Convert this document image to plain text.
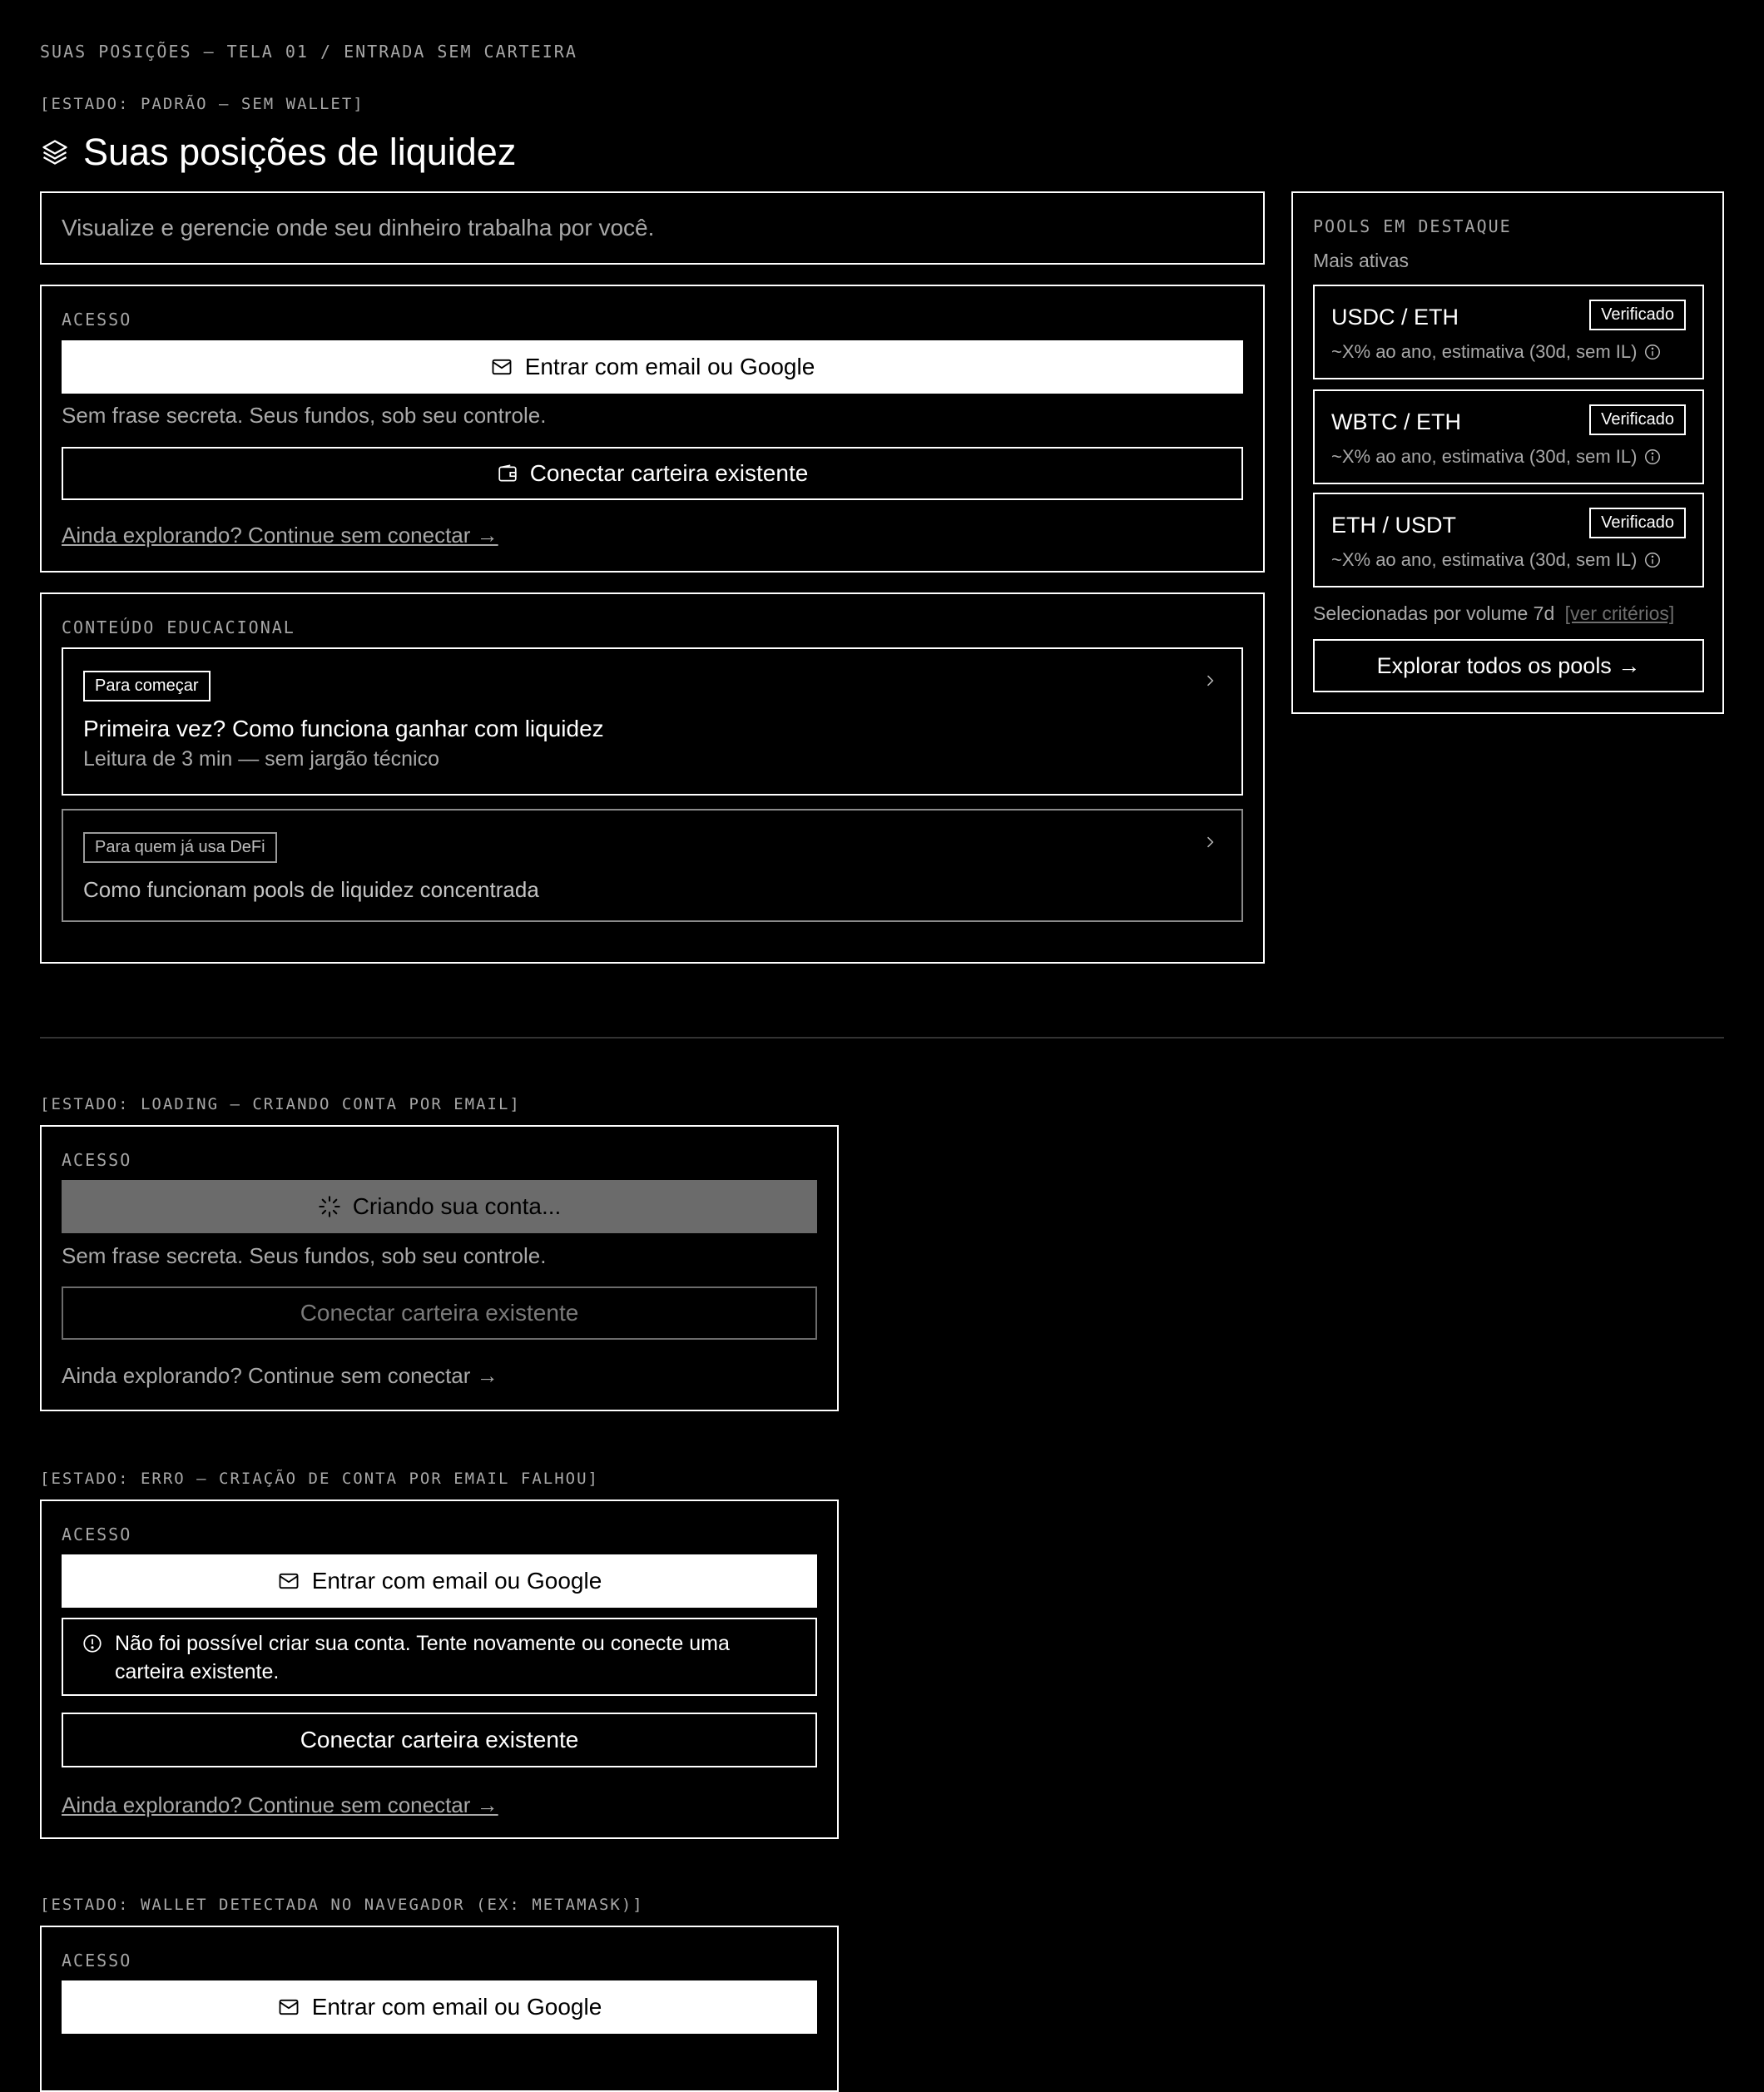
SUAS POSIÇÕES — TELA 01 / ENTRADA SEM CARTEIRA
[ESTADO: PADRÃO — SEM WALLET]
Suas posições de liquidez
Visualize e gerencie onde seu dinheiro trabalha por você.
ACESSO
Entrar com email ou Google
Sem frase secreta. Seus fundos, sob seu controle.
Conectar carteira existente
Ainda explorando? Continue sem conectar →
CONTEÚDO EDUCACIONAL
Para começar
Primeira vez? Como funciona ganhar com liquidez
Leitura de 3 min — sem jargão técnico
Para quem já usa DeFi
Como funcionam pools de liquidez concentrada
POOLS EM DESTAQUE
Mais ativas
USDC / ETH	Verificado
~X% ao ano, estimativa (30d, sem IL)
WBTC / ETH	Verificado
~X% ao ano, estimativa (30d, sem IL)
ETH / USDT	Verificado
~X% ao ano, estimativa (30d, sem IL)
Selecionadas por volume 7d [ver critérios]
Explorar todos os pools →
[ESTADO: LOADING — CRIANDO CONTA POR EMAIL]
ACESSO
Criando sua conta...
Sem frase secreta. Seus fundos, sob seu controle.
Conectar carteira existente
Ainda explorando? Continue sem conectar →
[ESTADO: ERRO — CRIAÇÃO DE CONTA POR EMAIL FALHOU]
ACESSO
Entrar com email ou Google
Não foi possível criar sua conta. Tente novamente ou conecte uma carteira existente.
Conectar carteira existente
Ainda explorando? Continue sem conectar →
[ESTADO: WALLET DETECTADA NO NAVEGADOR (EX: METAMASK)]
ACESSO
Entrar com email ou Google
